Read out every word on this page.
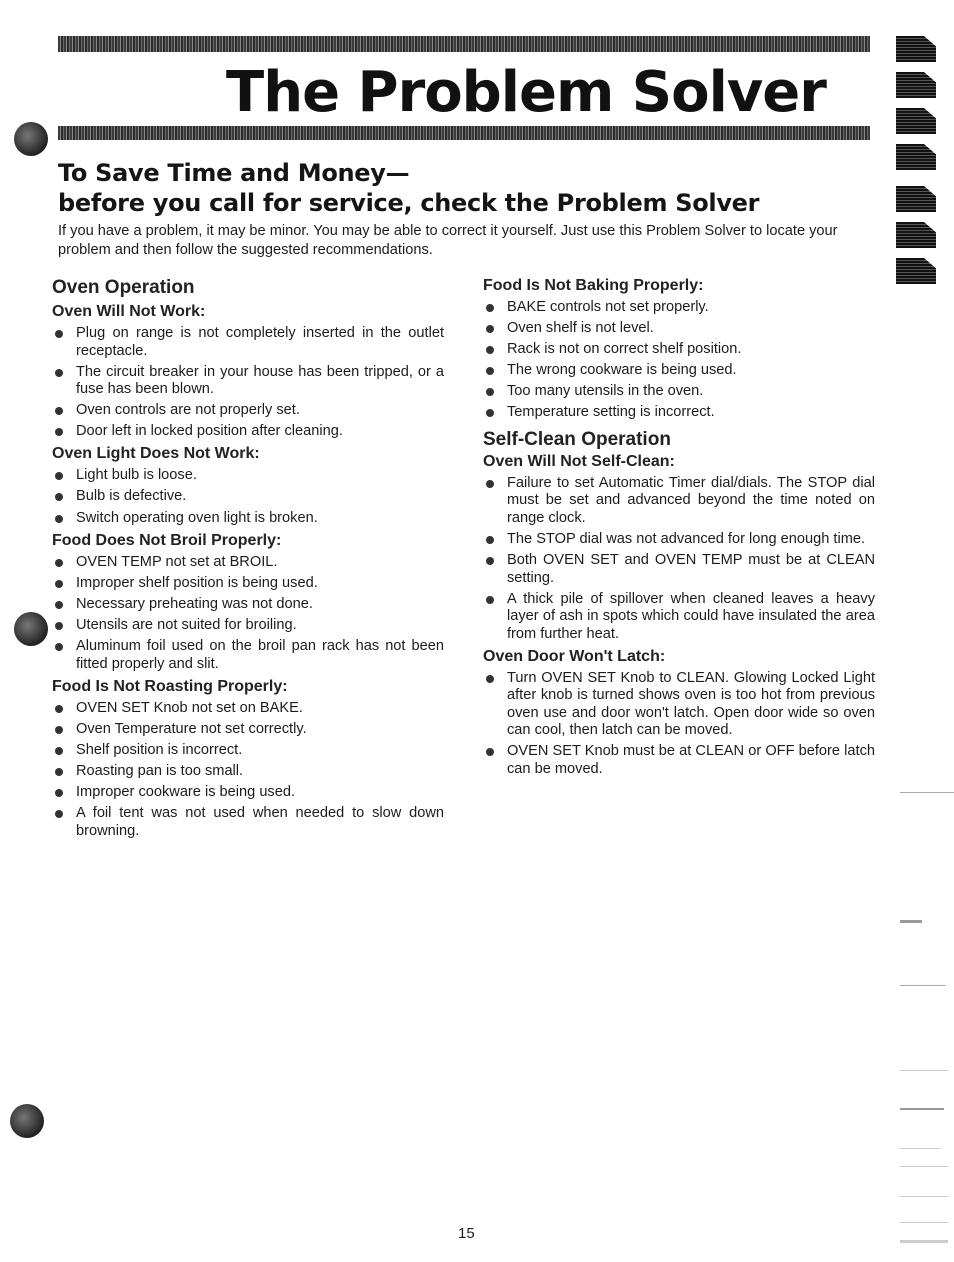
The Problem Solver
To Save Time and Money—
before you call for service, check the Problem Solver

If you have a problem, it may be minor. You may be able to correct it yourself. Just use this Problem Solver to locate your problem and then follow the suggested recommendations.

Oven Operation
Oven Will Not Work:
Plug on range is not completely inserted in the outlet receptacle.
The circuit breaker in your house has been tripped, or a fuse has been blown.
Oven controls are not properly set.
Door left in locked position after cleaning.
Oven Light Does Not Work:
Light bulb is loose.
Bulb is defective.
Switch operating oven light is broken.
Food Does Not Broil Properly:
OVEN TEMP not set at BROIL.
Improper shelf position is being used.
Necessary preheating was not done.
Utensils are not suited for broiling.
Aluminum foil used on the broil pan rack has not been fitted properly and slit.
Food Is Not Roasting Properly:
OVEN SET Knob not set on BAKE.
Oven Temperature not set correctly.
Shelf position is incorrect.
Roasting pan is too small.
Improper cookware is being used.
A foil tent was not used when needed to slow down browning.
Food Is Not Baking Properly:
BAKE controls not set properly.
Oven shelf is not level.
Rack is not on correct shelf position.
The wrong cookware is being used.
Too many utensils in the oven.
Temperature setting is incorrect.
Self-Clean Operation
Oven Will Not Self-Clean:
Failure to set Automatic Timer dial/dials. The STOP dial must be set and advanced beyond the time noted on range clock.
The STOP dial was not advanced for long enough time.
Both OVEN SET and OVEN TEMP must be at CLEAN setting.
A thick pile of spillover when cleaned leaves a heavy layer of ash in spots which could have insulated the area from further heat.
Oven Door Won't Latch:
Turn OVEN SET Knob to CLEAN. Glowing Locked Light after knob is turned shows oven is too hot from previous oven use and door won't latch. Open door wide so oven can cool, then latch can be moved.
OVEN SET Knob must be at CLEAN or OFF before latch can be moved.

15
